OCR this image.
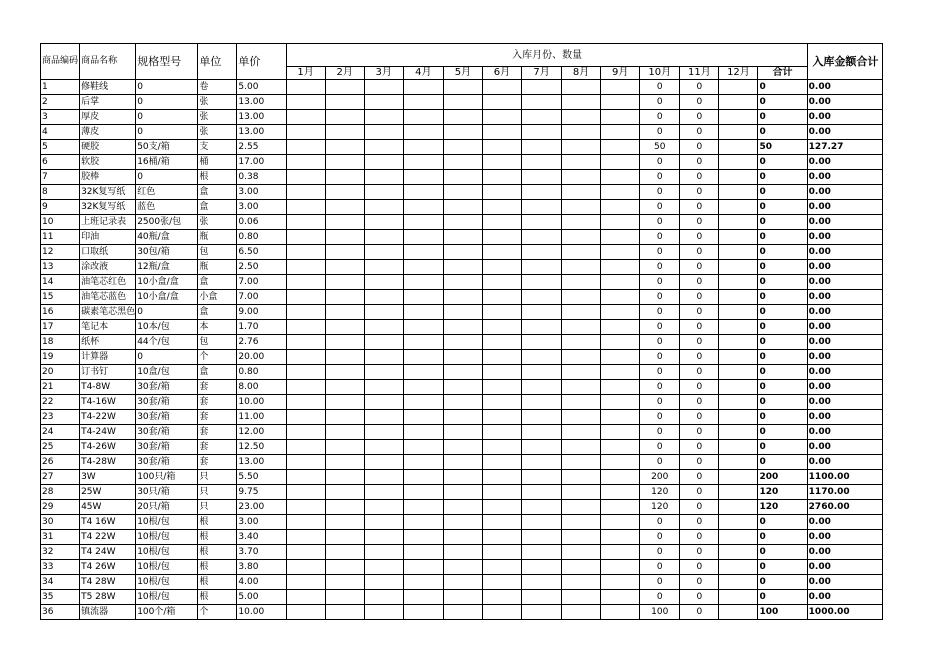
商品编码	商品名称	规格型号	单位	单价	入库月份、数量													入库金额合计
					1月	2月	3月	4月	5月	6月	7月	8月	9月	10月	11月	12月	合计	
1	修鞋线	0	卷	5.00										0	0		0	0.00
2	后掌	0	张	13.00										0	0		0	0.00
3	厚皮	0	张	13.00										0	0		0	0.00
4	薄皮	0	张	13.00										0	0		0	0.00
5	硬胶	50支/箱	支	2.55										50	0		50	127.27
6	软胶	16桶/箱	桶	17.00										0	0		0	0.00
7	胶棒	0	根	0.38										0	0		0	0.00
8	32K复写纸	红色	盒	3.00										0	0		0	0.00
9	32K复写纸	蓝色	盒	3.00										0	0		0	0.00
10	上班记录表	2500张/包	张	0.06										0	0		0	0.00
11	印油	40瓶/盒	瓶	0.80										0	0		0	0.00
12	口取纸	30包/箱	包	6.50										0	0		0	0.00
13	涂改液	12瓶/盒	瓶	2.50										0	0		0	0.00
14	油笔芯红色	10小盒/盒	盒	7.00										0	0		0	0.00
15	油笔芯蓝色	10小盒/盒	小盒	7.00										0	0		0	0.00
16	碳素笔芯黑色	0	盒	9.00										0	0		0	0.00
17	笔记本	10本/包	本	1.70										0	0		0	0.00
18	纸杯	44个/包	包	2.76										0	0		0	0.00
19	计算器	0	个	20.00										0	0		0	0.00
20	订书钉	10盒/包	盒	0.80										0	0		0	0.00
21	T4-8W	30套/箱	套	8.00										0	0		0	0.00
22	T4-16W	30套/箱	套	10.00										0	0		0	0.00
23	T4-22W	30套/箱	套	11.00										0	0		0	0.00
24	T4-24W	30套/箱	套	12.00										0	0		0	0.00
25	T4-26W	30套/箱	套	12.50										0	0		0	0.00
26	T4-28W	30套/箱	套	13.00										0	0		0	0.00
27	3W	100只/箱	只	5.50										200	0		200	1100.00
28	25W	30只/箱	只	9.75										120	0		120	1170.00
29	45W	20只/箱	只	23.00										120	0		120	2760.00
30	T4 16W	10根/包	根	3.00										0	0		0	0.00
31	T4 22W	10根/包	根	3.40										0	0		0	0.00
32	T4 24W	10根/包	根	3.70										0	0		0	0.00
33	T4 26W	10根/包	根	3.80										0	0		0	0.00
34	T4 28W	10根/包	根	4.00										0	0		0	0.00
35	T5 28W	10根/包	根	5.00										0	0		0	0.00
36	镇流器	100个/箱	个	10.00										100	0		100	1000.00
